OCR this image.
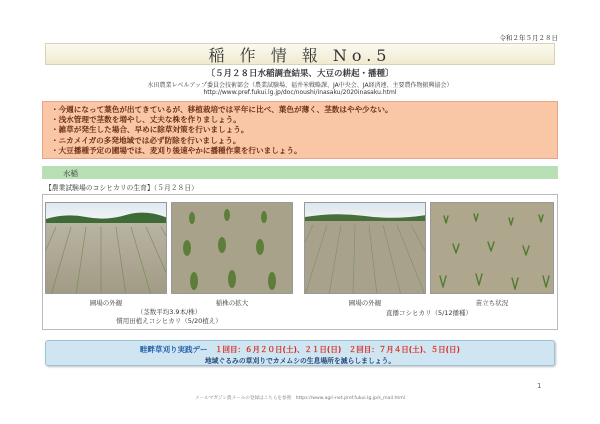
令和２年５月２８日
稲 作 情 報 No.5
〔５月２８日水稲調査結果、大豆の耕起・播種〕
水田農業レベルアップ委員会技術部会（農業試験場、福井米戦略課、JA中央会、JA経済連、主要農作物振興協会）
http://www.pref.fukui.lg.jp/doc/noushi/inasaku/2020inasaku.html
・今週になって葉色が出てきているが、移植栽培では平年に比べ、葉色が薄く、茎数はやや少ない。
・浅水管理で茎数を増やし、丈夫な株を作りましょう。
・雑草が発生した場合、早めに除草対策を行いましょう。
・ニカメイガの多発地域では必ず防除を行いましょう。
・大豆播種予定の圃場では、麦刈り後速やかに播種作業を行いましょう。
水稲
【農業試験場のコシヒカリの生育】（５月２８日）
圃場の外観	稲株の拡大
（茎数平均3.9本/株）
慣用田植えコシヒカリ（5/20植え）
圃場の外観	苗立ち状況
直播コシヒカリ（5/12播種）
畦畔草刈り実践デー　１回目：６月２０日(土)、２１日(日)　２回目：７月４日(土)、５日(日)
地域ぐるみの草刈りでカメムシの生息場所を減らしましょう。
1
メールマガジン農メールの登録はこちらを参照　https://www.agri-net.pref.fukui.lg.jp/s_mail.html
